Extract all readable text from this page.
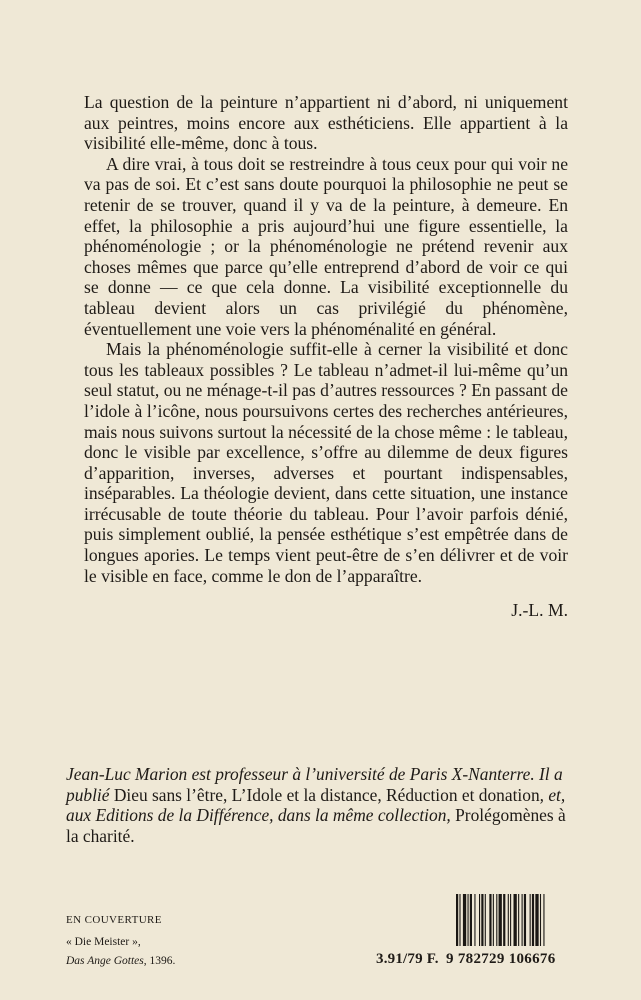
La question de la peinture n’appartient ni d’abord, ni uniquement aux peintres, moins encore aux esthéticiens. Elle appartient à la visibilité elle-même, donc à tous.

A dire vrai, à tous doit se restreindre à tous ceux pour qui voir ne va pas de soi. Et c’est sans doute pourquoi la philosophie ne peut se retenir de se trouver, quand il y va de la peinture, à demeure. En effet, la philosophie a pris aujourd’hui une figure essentielle, la phénoménologie ; or la phénoménologie ne prétend revenir aux choses mêmes que parce qu’elle entreprend d’abord de voir ce qui se donne — ce que cela donne. La visibilité exceptionnelle du tableau devient alors un cas privilégié du phénomène, éventuellement une voie vers la phénoménalité en général.

Mais la phénoménologie suffit-elle à cerner la visibilité et donc tous les tableaux possibles ? Le tableau n’admet-il lui-même qu’un seul statut, ou ne ménage-t-il pas d’autres ressources ? En passant de l’idole à l’icône, nous poursuivons certes des recherches antérieures, mais nous suivons surtout la nécessité de la chose même : le tableau, donc le visible par excellence, s’offre au dilemme de deux figures d’apparition, inverses, adverses et pourtant indispensables, inséparables. La théologie devient, dans cette situation, une instance irrécusable de toute théorie du tableau. Pour l’avoir parfois dénié, puis simplement oublié, la pensée esthétique s’est empêtrée dans de longues apories. Le temps vient peut-être de s’en délivrer et de voir le visible en face, comme le don de l’apparaître.

J.-L. M.
Jean-Luc Marion est professeur à l’université de Paris X-Nanterre. Il a publié Dieu sans l’être, L’Idole et la distance, Réduction et donation, et, aux Editions de la Différence, dans la même collection, Prolégomènes à la charité.
EN COUVERTURE
« Die Meister »,
Das Ange Gottes, 1396.	3.91/79 F. 9 782729 106676
